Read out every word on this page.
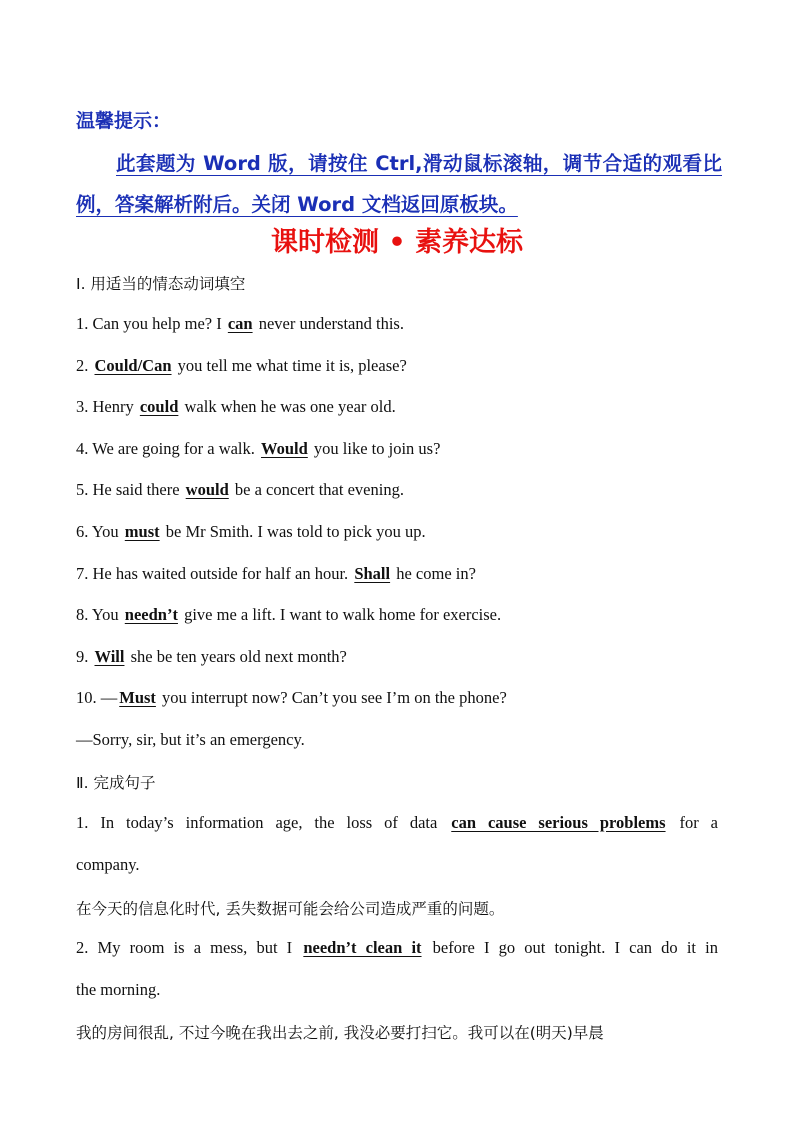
温馨提示：
此套题为 Word 版，请按住 Ctrl,滑动鼠标滚轴，调节合适的观看比例，答案解析附后。关闭 Word 文档返回原板块。
课时检测 • 素养达标
Ⅰ. 用适当的情态动词填空
1. Can you help me? I can never understand this.
2. Could/Can you tell me what time it is, please?
3. Henry could walk when he was one year old.
4. We are going for a walk. Would you like to join us?
5. He said there would be a concert that evening.
6. You must be Mr Smith. I was told to pick you up.
7. He has waited outside for half an hour. Shall he come in?
8. You needn’t give me a lift. I want to walk home for exercise.
9. Will she be ten years old next month?
10. — Must you interrupt now? Can’t you see I’m on the phone?
—Sorry, sir, but it’s an emergency.
Ⅱ. 完成句子
1. In today’s information age, the loss of data can cause serious problems for a
company.
在今天的信息化时代, 丢失数据可能会给公司造成严重的问题。
2. My room is a mess, but I needn’t clean it before I go out tonight. I can do it in
the morning.
我的房间很乱, 不过今晚在我出去之前, 我没必要打扫它。我可以在(明天)早晨
